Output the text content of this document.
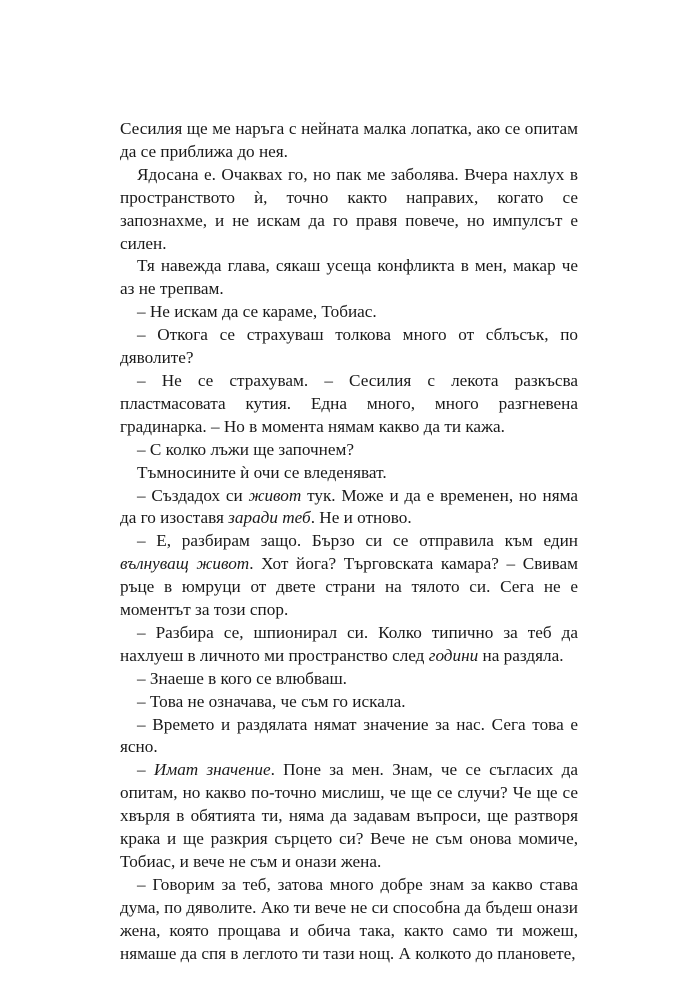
Сесилия ще ме наръга с нейната малка лопатка, ако се опитам да се приближа до нея.

Ядосана е. Очаквах го, но пак ме заболява. Вчера нахлух в пространството ѝ, точно както направих, когато се запознахме, и не искам да го правя повече, но импулсът е силен.

Тя навежда глава, сякаш усеща конфликта в мен, макар че аз не трепвам.

– Не искам да се караме, Тобиас.

– Откога се страхуваш толкова много от сблъсък, по дяволите?

– Не се страхувам. – Сесилия с лекота разкъсва пластмасовата кутия. Една много, много разгневена градинарка. – Но в момента нямам какво да ти кажа.

– С колко лъжи ще започнем?

Тъмносините ѝ очи се вледеняват.

– Създадох си живот тук. Може и да е временен, но няма да го изоставя заради теб. Не и отново.

– Е, разбирам защо. Бързо си се отправила към един вълнуващ живот. Хот йога? Търговската камара? – Свивам ръце в юмруци от двете страни на тялото си. Сега не е моментът за този спор.

– Разбира се, шпионирал си. Колко типично за теб да нахлуеш в личното ми пространство след години на раздяла.

– Знаеше в кого се влюбваш.

– Това не означава, че съм го искала.

– Времето и раздялата нямат значение за нас. Сега това е ясно.

– Имат значение. Поне за мен. Знам, че се съгласих да опитам, но какво по-точно мислиш, че ще се случи? Че ще се хвърля в обятията ти, няма да задавам въпроси, ще разтворя крака и ще разкрия сърцето си? Вече не съм онова момиче, Тобиас, и вече не съм и онази жена.

– Говорим за теб, затова много добре знам за какво става дума, по дяволите. Ако ти вече не си способна да бъдеш онази жена, която прощава и обича така, както само ти можеш, нямаше да спя в леглото ти тази нощ. А колкото до плановете,
